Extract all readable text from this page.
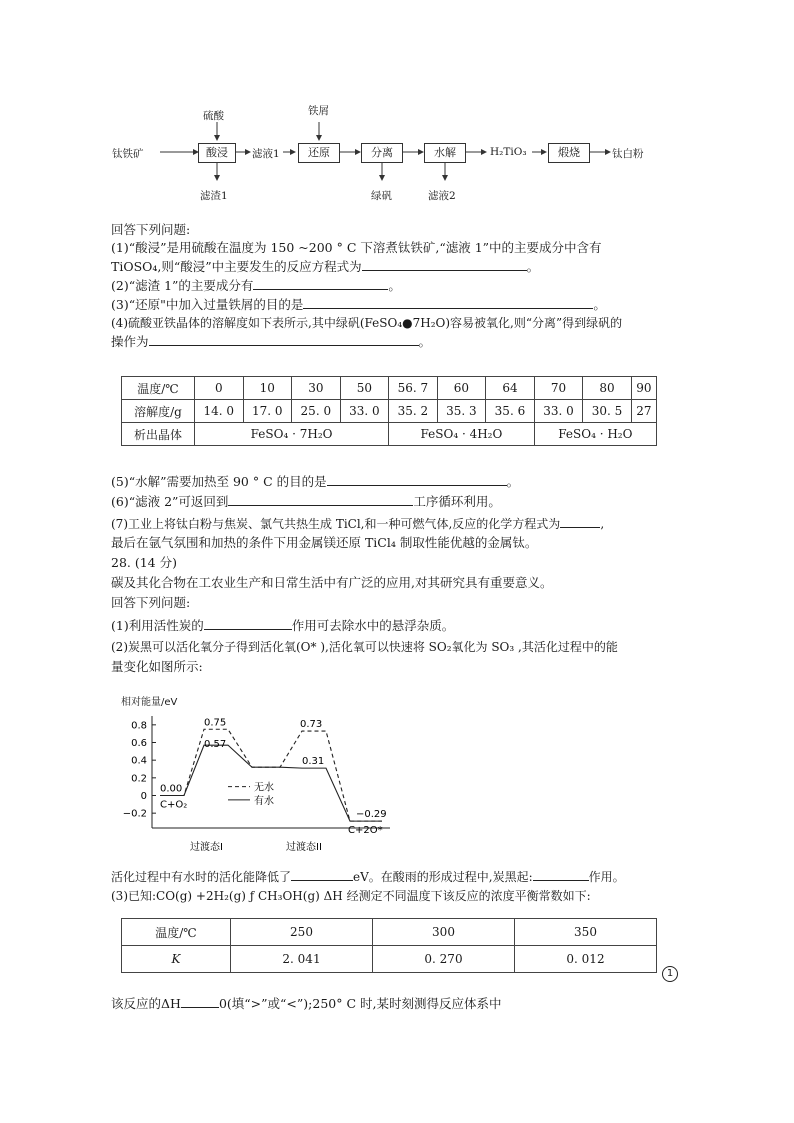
钛铁矿
硫酸
酸浸
滤渣1
滤液1
铁屑
还原	分离
绿矾
水解
滤液2
H₂TiO₃	煅烧	钛白粉
回答下列问题:
(1)“酸浸”是用硫酸在温度为 150 ~200 ° C 下溶煮钛铁矿,“滤液 1”中的主要成分中含有
TiOSO₄,则“酸浸”中主要发生的反应方程式为	。
(2)“滤渣 1”的主要成分有	。
(3)“还原"中加入过量铁屑的目的是	。
(4)硫酸亚铁晶体的溶解度如下表所示,其中绿矾(FeSO₄●7H₂O)容易被氧化,则“分离”得到绿矾的
操作为	。
温度/℃	0	10	30	50	56. 7	60	64	70	80	90
溶解度/g	14. 0	17. 0	25. 0	33. 0	35. 2	35. 3	35. 6	33. 0	30. 5	27
析出晶体	FeSO₄ · 7H₂O				FeSO₄ · 4H₂O			FeSO₄ · H₂O		
(5)“水解”需要加热至 90 ° C 的目的是	。
(6)“滤液 2”可返回到	工序循环利用。
(7)工业上将钛白粉与焦炭、氯气共热生成 TiCl,和一种可燃气体,反应的化学方程式为	,
最后在氩气氛围和加热的条件下用金属镁还原 TiCl₄ 制取性能优越的金属钛。
28. (14 分)
碳及其化合物在工农业生产和日常生活中有广泛的应用,对其研究具有重要意义。
回答下列问题:
(1)利用活性炭的	作用可去除水中的悬浮杂质。
(2)炭黑可以活化氧分子得到活化氧(O* ),活化氧可以快速将 SO₂氧化为 SO₃ ,其活化过程中的能
量变化如图所示:
相对能量/eV
0.8
0.6
0.4
0.2
0
−0.2
0.00
C+O₂
0.75
0.57
0.73
0.31
−0.29
C+2O*
无水
有水
过渡态I	过渡态II
活化过程中有水时的活化能降低了	eV。在酸雨的形成过程中,炭黑起:	作用。
(3)已知:CO(g) +2H₂(g) ƒ CH₃OH(g) ΔH 经测定不同温度下该反应的浓度平衡常数如下:
温度/℃	250	300	350
K	2. 041	0. 270	0. 012
1
该反应的ΔH	0(填“>”或“<”);250° C 时,某时刻测得反应体系中
